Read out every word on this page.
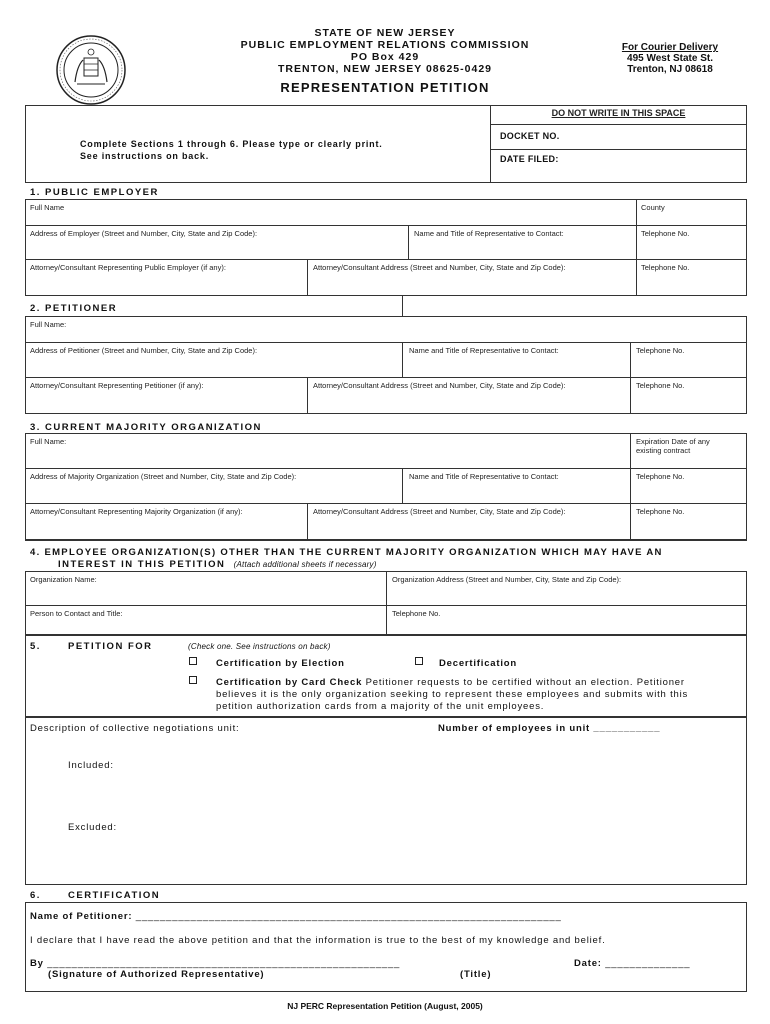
STATE OF NEW JERSEY
PUBLIC EMPLOYMENT RELATIONS COMMISSION
PO Box 429
TRENTON, NEW JERSEY 08625-0429
For Courier Delivery
495 West State St.
Trenton, NJ 08618
REPRESENTATION PETITION
DO NOT WRITE IN THIS SPACE
DOCKET NO.
DATE FILED:
Complete Sections 1 through 6. Please type or clearly print.
See instructions on back.
1. PUBLIC EMPLOYER
Full Name	County
Address of Employer (Street and Number, City, State and Zip Code):	Name and Title of Representative to Contact:	Telephone No.
Attorney/Consultant Representing Public Employer (if any):	Attorney/Consultant Address (Street and Number, City, State and Zip Code):	Telephone No.
2. PETITIONER
Full Name:
Address of Petitioner (Street and Number, City, State and Zip Code):	Name and Title of Representative to Contact:	Telephone No.
Attorney/Consultant Representing Petitioner (if any):	Attorney/Consultant Address (Street and Number, City, State and Zip Code):	Telephone No.
3. CURRENT MAJORITY ORGANIZATION
Full Name:	Expiration Date of any
existing contract
Address of Majority Organization (Street and Number, City, State and Zip Code):	Name and Title of Representative to Contact:	Telephone No.
Attorney/Consultant Representing Majority Organization (if any):	Attorney/Consultant Address (Street and Number, City, State and Zip Code):	Telephone No.
4. EMPLOYEE ORGANIZATION(S) OTHER THAN THE CURRENT MAJORITY ORGANIZATION WHICH MAY HAVE AN
INTEREST IN THIS PETITION (Attach additional sheets if necessary)
Organization Name:	Organization Address (Street and Number, City, State and Zip Code):
Person to Contact and Title:	Telephone No.
5.	PETITION FOR	(Check one. See instructions on back)
Certification by Election	Decertification
Certification by Card Check Petitioner requests to be certified without an election. Petitioner
believes it is the only organization seeking to represent these employees and submits with this
petition authorization cards from a majority of the unit employees.
Description of collective negotiations unit:	Number of employees in unit ___________
Included:
Excluded:
6.	CERTIFICATION
Name of Petitioner: ______________________________________________________________________
I declare that I have read the above petition and that the information is true to the best of my knowledge and belief.
By __________________________________________________________	Date: ______________
(Signature of Authorized Representative)	(Title)
NJ PERC Representation Petition (August, 2005)
